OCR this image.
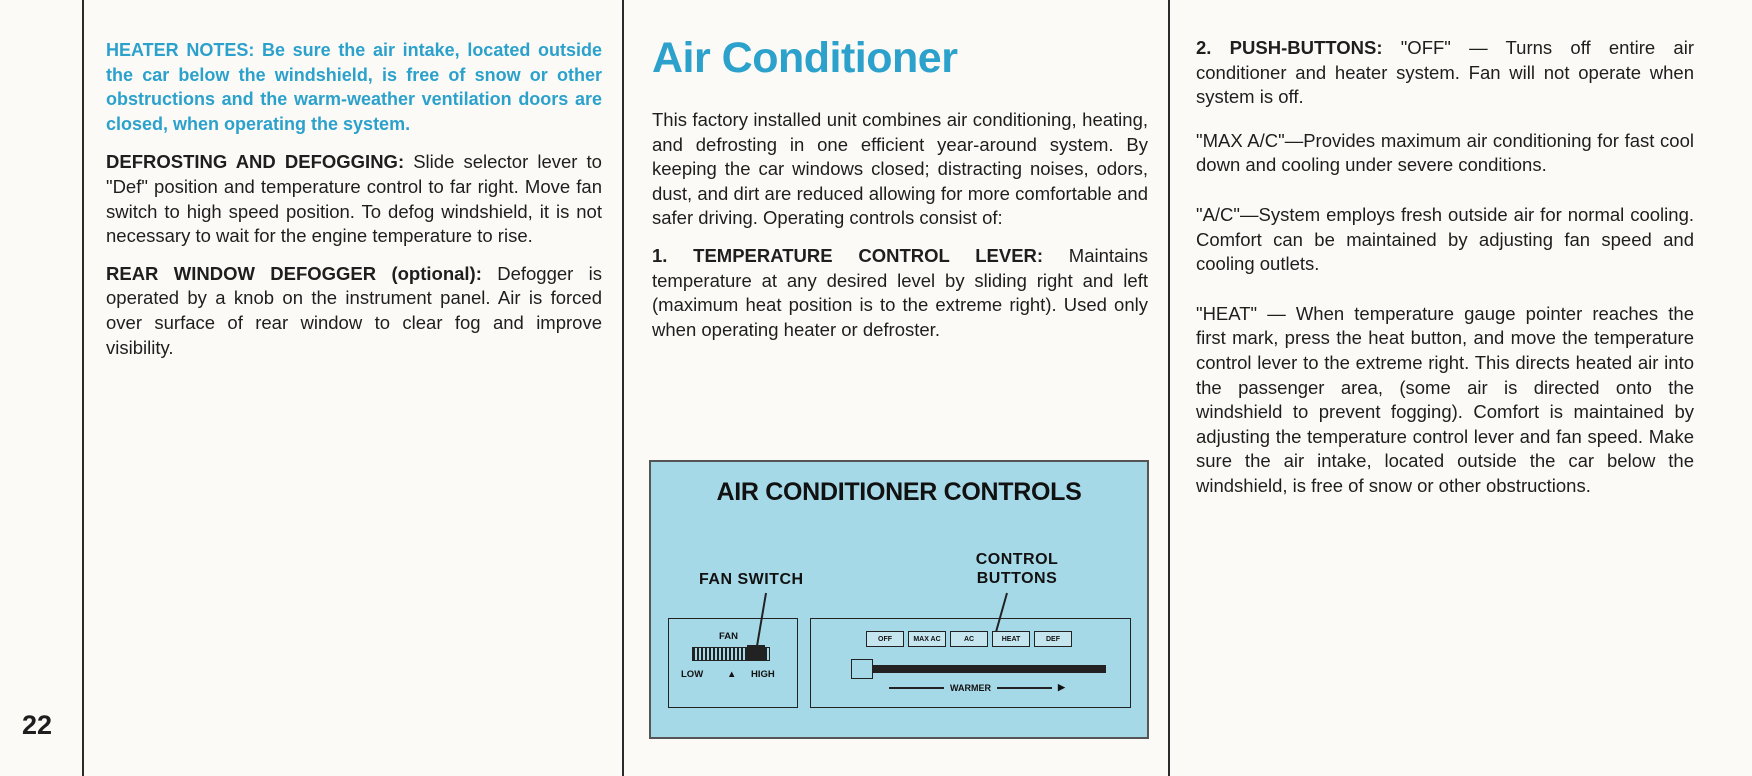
HEATER NOTES: Be sure the air intake, located outside the car below the windshield, is free of snow or other obstructions and the warm-weather ventilation doors are closed, when operating the system.

DEFROSTING AND DEFOGGING: Slide selector lever to "Def" position and temperature control to far right. Move fan switch to high speed position. To defog windshield, it is not necessary to wait for the engine temperature to rise.

REAR WINDOW DEFOGGER (optional): Defogger is operated by a knob on the instrument panel. Air is forced over surface of rear window to clear fog and improve visibility.

22
Air Conditioner

This factory installed unit combines air conditioning, heating, and defrosting in one efficient year-around system. By keeping the car windows closed; distracting noises, odors, dust, and dirt are reduced allowing for more comfortable and safer driving. Operating controls consist of:

1. TEMPERATURE CONTROL LEVER: Maintains temperature at any desired level by sliding right and left (maximum heat position is to the extreme right). Used only when operating heater or defroster.

AIR CONDITIONER CONTROLS
FAN SWITCH
CONTROL BUTTONS
FAN
LOW	▲ HIGH
OFF	MAX AC	AC	HEAT	DEF
WARMER	▶

2. PUSH-BUTTONS: "OFF" — Turns off entire air conditioner and heater system. Fan will not operate when system is off.

"MAX A/C"—Provides maximum air conditioning for fast cool down and cooling under severe conditions.

"A/C"—System employs fresh outside air for normal cooling. Comfort can be maintained by adjusting fan speed and cooling outlets.

"HEAT" — When temperature gauge pointer reaches the first mark, press the heat button, and move the temperature control lever to the extreme right. This directs heated air into the passenger area, (some air is directed onto the windshield to prevent fogging). Comfort is maintained by adjusting the temperature control lever and fan speed. Make sure the air intake, located outside the car below the windshield, is free of snow or other obstructions.
